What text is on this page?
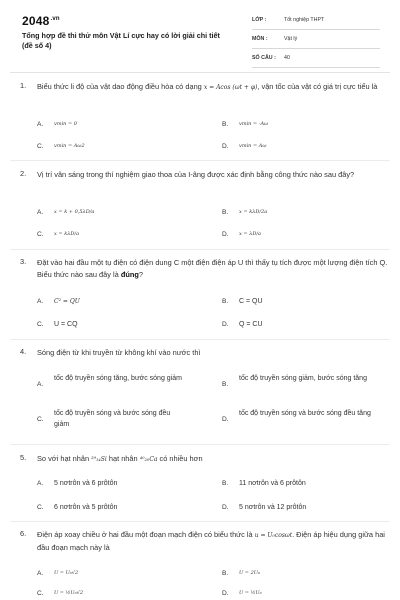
$2048^{.vn}$
Tổng hợp đề thi thử môn Vật Lí cực hay có lời giải chi tiết (đề số 4)
LỚP :	Tốt nghiệp THPT
MÔN :	Vật lý
SỐ CÂU : 40
1. Biểu thức li độ của vật dao động điều hòa có dạng x = Acos (ωt + φ), vận tốc của vật có giá trị cực tiểu là
A. vmin = 0	B. vmin = -Aω
C. vmin = Aω2	D. vmin = Aω
2. Vị trí vân sáng trong thí nghiệm giao thoa của I-âng được xác định bằng công thức nào sau đây?
A. x = k + 0,5λD/a	B. x = kλD/2a
C. x = kλD/a	D. x = λD/a
3. Đặt vào hai đầu một tụ điện có điện dung C một điện điện áp U thì thấy tụ tích được một lượng điện tích Q. Biểu thức nào sau đây là đúng?
A. C² = QU	B. C = QU
C. U = CQ	D. Q = CU
4. Sóng điện từ khi truyền từ không khí vào nước thì
A.
tốc độ truyền sóng tăng, bước sóng giảm
B.
tốc độ truyền sóng giảm, bước sóng tăng
C.
tốc độ truyền sóng và bước sóng đều giảm
D.
tốc độ truyền sóng và bước sóng đều tăng
5. So với hạt nhân ²⁹₁₄Si hạt nhân ⁴⁰₂₀Ca có nhiều hơn
A. 5 nơtrôn và 6 prôtôn	B. 11 nơtrôn và 6 prôtôn
C. 6 nơtrôn và 5 prôtôn	D. 5 nơtrôn và 12 prôtôn
6. Điện áp xoay chiều ở hai đầu một đoạn mạch điện có biểu thức là u = U₀cosωt. Điện áp hiệu dụng giữa hai đầu đoạn mạch này là
A. U = U₀√2	B. U = 2U₀
C. U = ½U₀√2	D. U = ½U₀
